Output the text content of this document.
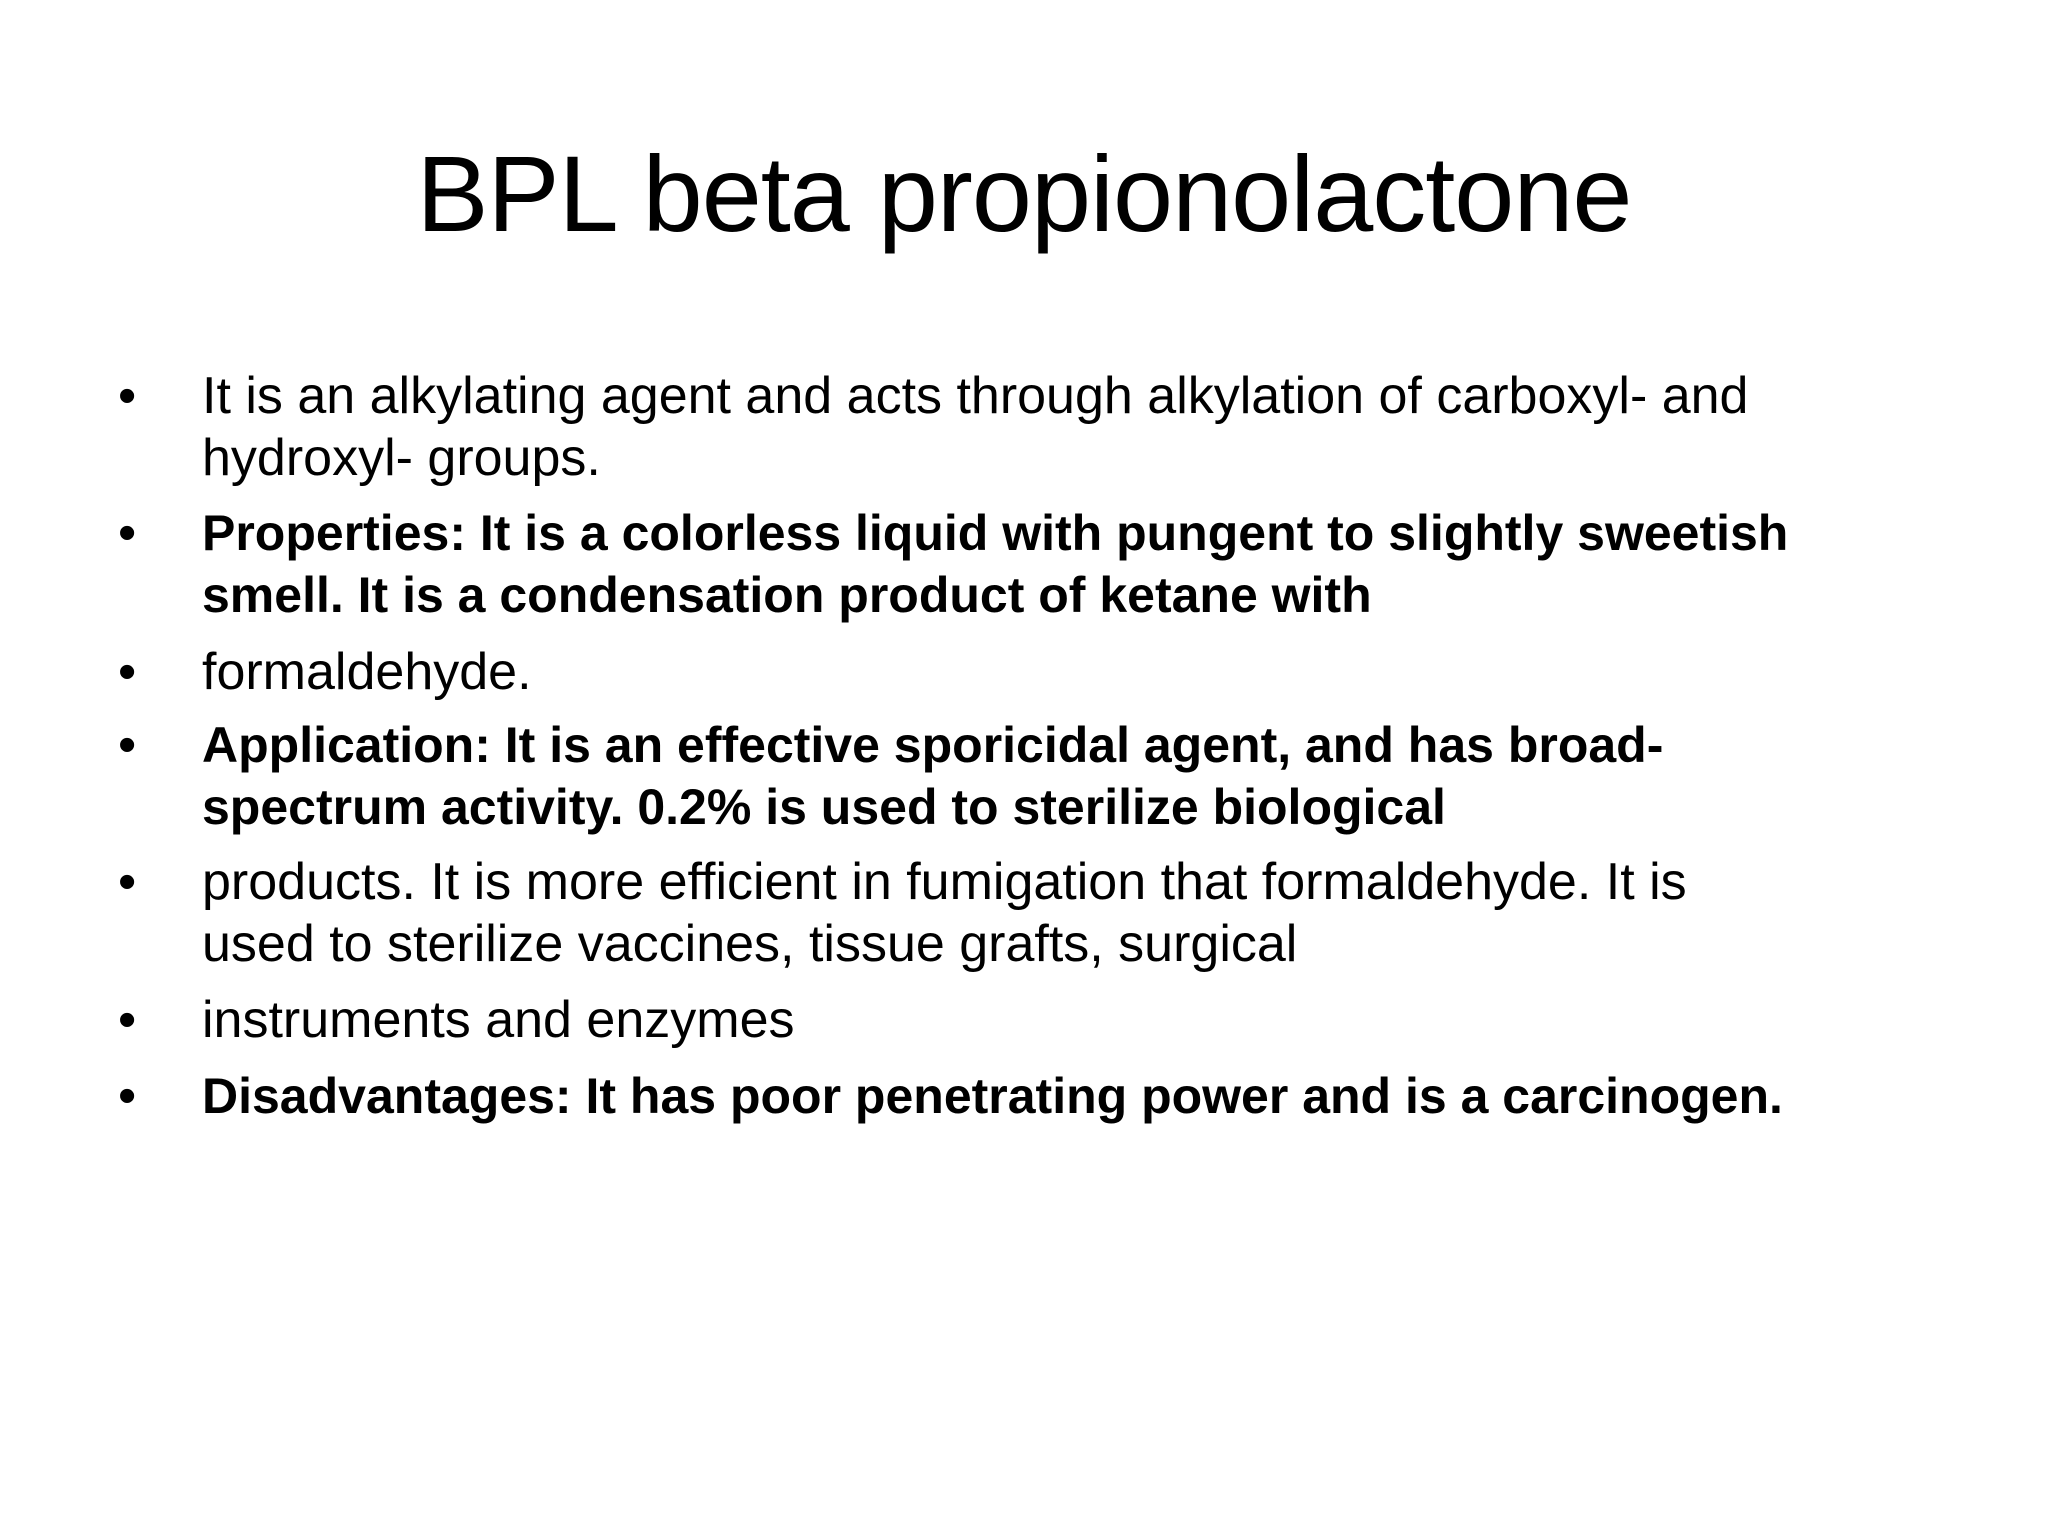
BPL beta propionolactone
•	It is an alkylating agent and acts through alkylation of carboxyl- and
hydroxyl- groups.
•	Properties: It is a colorless liquid with pungent to slightly sweetish
smell. It is a condensation product of ketane with
•	formaldehyde.
•	Application: It is an effective sporicidal agent, and has broad-
spectrum activity. 0.2% is used to sterilize biological
•	products. It is more efficient in fumigation that formaldehyde. It is
used to sterilize vaccines, tissue grafts, surgical
•	instruments and enzymes
•	Disadvantages: It has poor penetrating power and is a carcinogen.
